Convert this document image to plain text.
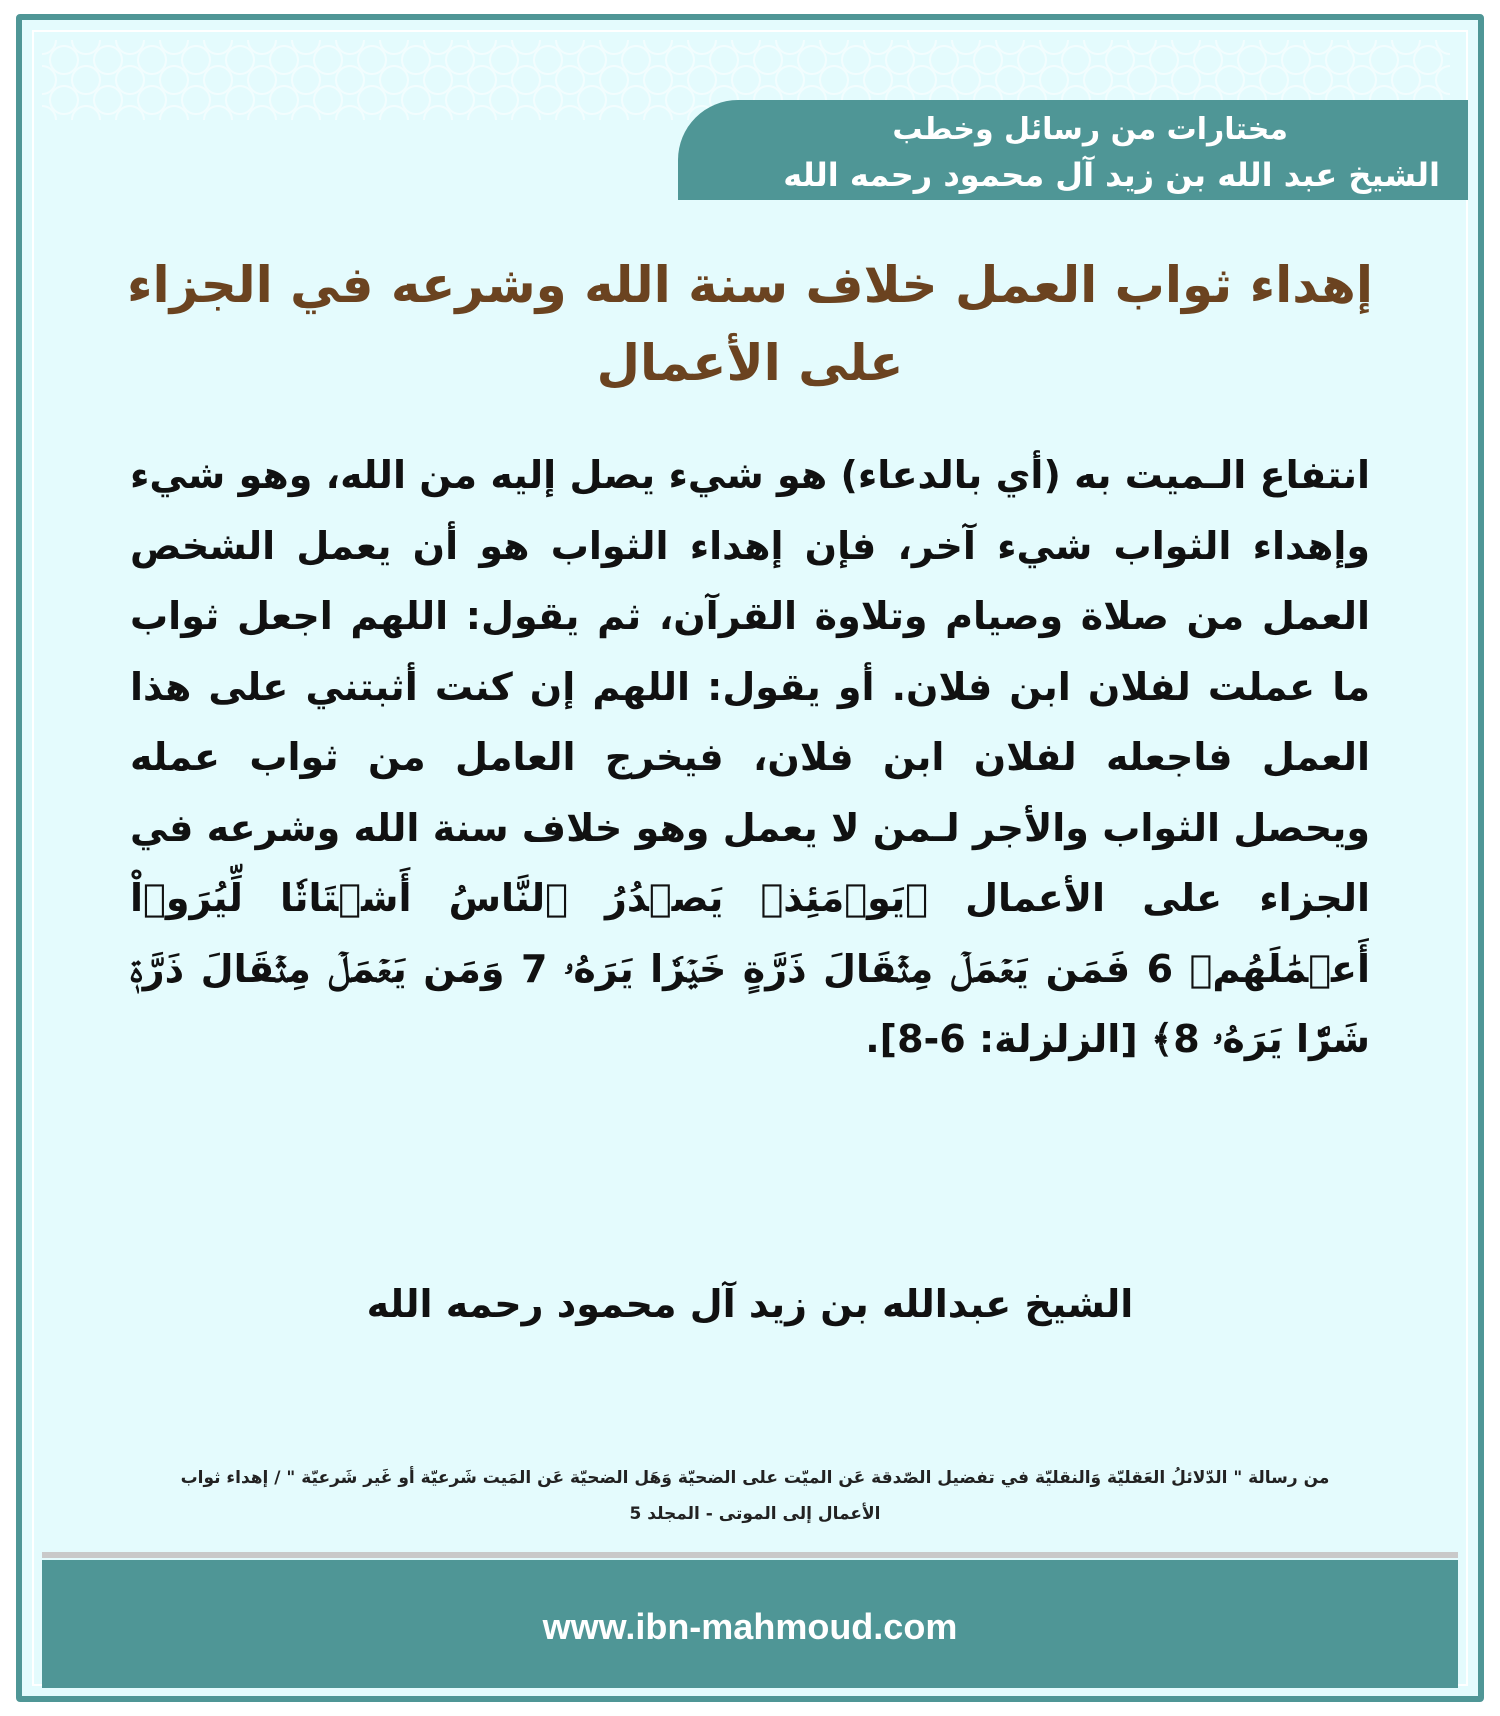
مختارات من رسائل وخطب
الشيخ عبد الله بن زيد آل محمود رحمه الله
إهداء ثواب العمل خلاف سنة الله وشرعه في الجزاء على الأعمال
انتفاع الـميت به (أي بالدعاء) هو شيء يصل إليه من الله، وهو شيء وإهداء الثواب شيء آخر، فإن إهداء الثواب هو أن يعمل الشخص العمل من صلاة وصيام وتلاوة القرآن، ثم يقول: اللهم اجعل ثواب ما عملت لفلان ابن فلان. أو يقول: اللهم إن كنت أثبتني على هذا العمل فاجعله لفلان ابن فلان، فيخرج العامل من ثواب عمله ويحصل الثواب والأجر لـمن لا يعمل وهو خلاف سنة الله وشرعه في الجزاء على الأعمال ﴿يَوۡمَئِذٖ يَصۡدُرُ ٱلنَّاسُ أَشۡتَاتٗا لِّيُرَوۡاْ أَعۡمَٰلَهُمۡ 6 فَمَن يَعۡمَلۡ مِثۡقَالَ ذَرَّةٍ خَيۡرٗا يَرَهُۥ 7 وَمَن يَعۡمَلۡ مِثۡقَالَ ذَرَّةٖ شَرّٗا يَرَهُۥ 8﴾ [الزلزلة: 6-8].
الشيخ عبدالله بن زيد آل محمود رحمه الله
من رسالة " الدّلائلُ العَقليّة وَالنقليّة في تفضيل الصّدقة عَن الميّت على الضحيّة وَهَل الضحيّة عَن المَيت شَرعيّة أو غَير شَرعيّة " / إهداء ثواب الأعمال إلى الموتى - المجلد 5
www.ibn-mahmoud.com
